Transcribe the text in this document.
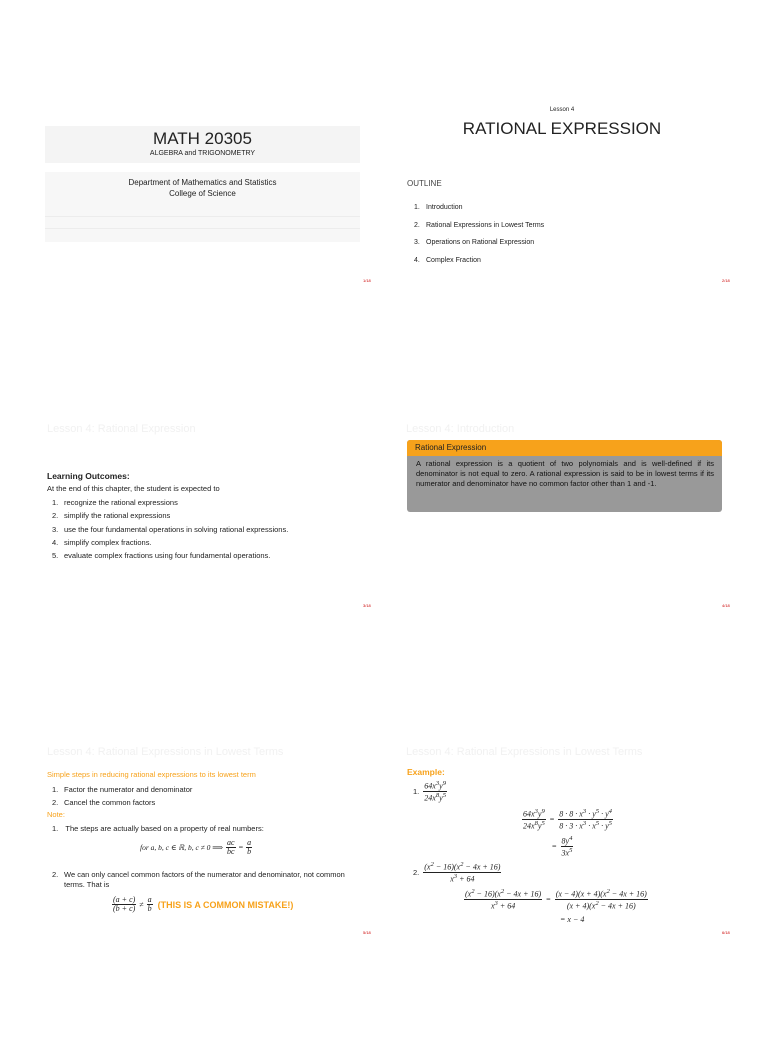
MATH 20305
ALGEBRA and TRIGONOMETRY
Department of Mathematics and Statistics
College of Science
1/18
Lesson 4
RATIONAL EXPRESSION
OUTLINE
1. Introduction
2. Rational Expressions in Lowest Terms
3. Operations on Rational Expression
4. Complex Fraction
2/18
Lesson 4: Rational Expression
Learning Outcomes:
At the end of this chapter, the student is expected to
1. recognize the rational expressions
2. simplify the rational expressions
3. use the four fundamental operations in solving rational expressions.
4. simplify complex fractions.
5. evaluate complex fractions using four fundamental operations.
3/18
Lesson 4: Introduction
Rational Expression
A rational expression is a quotient of two polynomials and is well-defined if its denominator is not equal to zero. A rational expression is said to be in lowest terms if its numerator and denominator have no common factor other than 1 and -1.
4/18
Lesson 4: Rational Expressions in Lowest Terms
Simple steps in reducing rational expressions to its lowest term
1. Factor the numerator and denominator
2. Cancel the common factors
Note:
1. The steps are actually based on a property of real numbers:
for a, b, c ∈ ℝ, b, c ≠ 0 ⟹ $\frac{ac}{bc} = \frac{a}{b}$
2. We can only cancel common factors of the numerator and denominator, not common terms. That is
$\frac{(a + c)}{(b + c)} \ne \frac{a}{b}$ (THIS IS A COMMON MISTAKE!)
5/18
Lesson 4: Rational Expressions in Lowest Terms
Example:
1. $\frac{64x^3y^9}{24x^8y^5}$
$\frac{64x^3y^9}{24x^8y^5} = \frac{8 \cdot 8 \cdot x^3 \cdot y^5 \cdot y^4}{8 \cdot 3 \cdot x^3 \cdot x^5 \cdot y^5}$
= $\frac{8y^4}{3x^5}$
2. $\frac{(x^2 - 16)(x^2 - 4x + 16)}{x^3 + 64}$
$\frac{(x^2 - 16)(x^2 - 4x + 16)}{x^3 + 64} = \frac{(x - 4)(x + 4)(x^2 - 4x + 16)}{(x + 4)(x^2 - 4x + 16)}$
= x − 4
6/18
